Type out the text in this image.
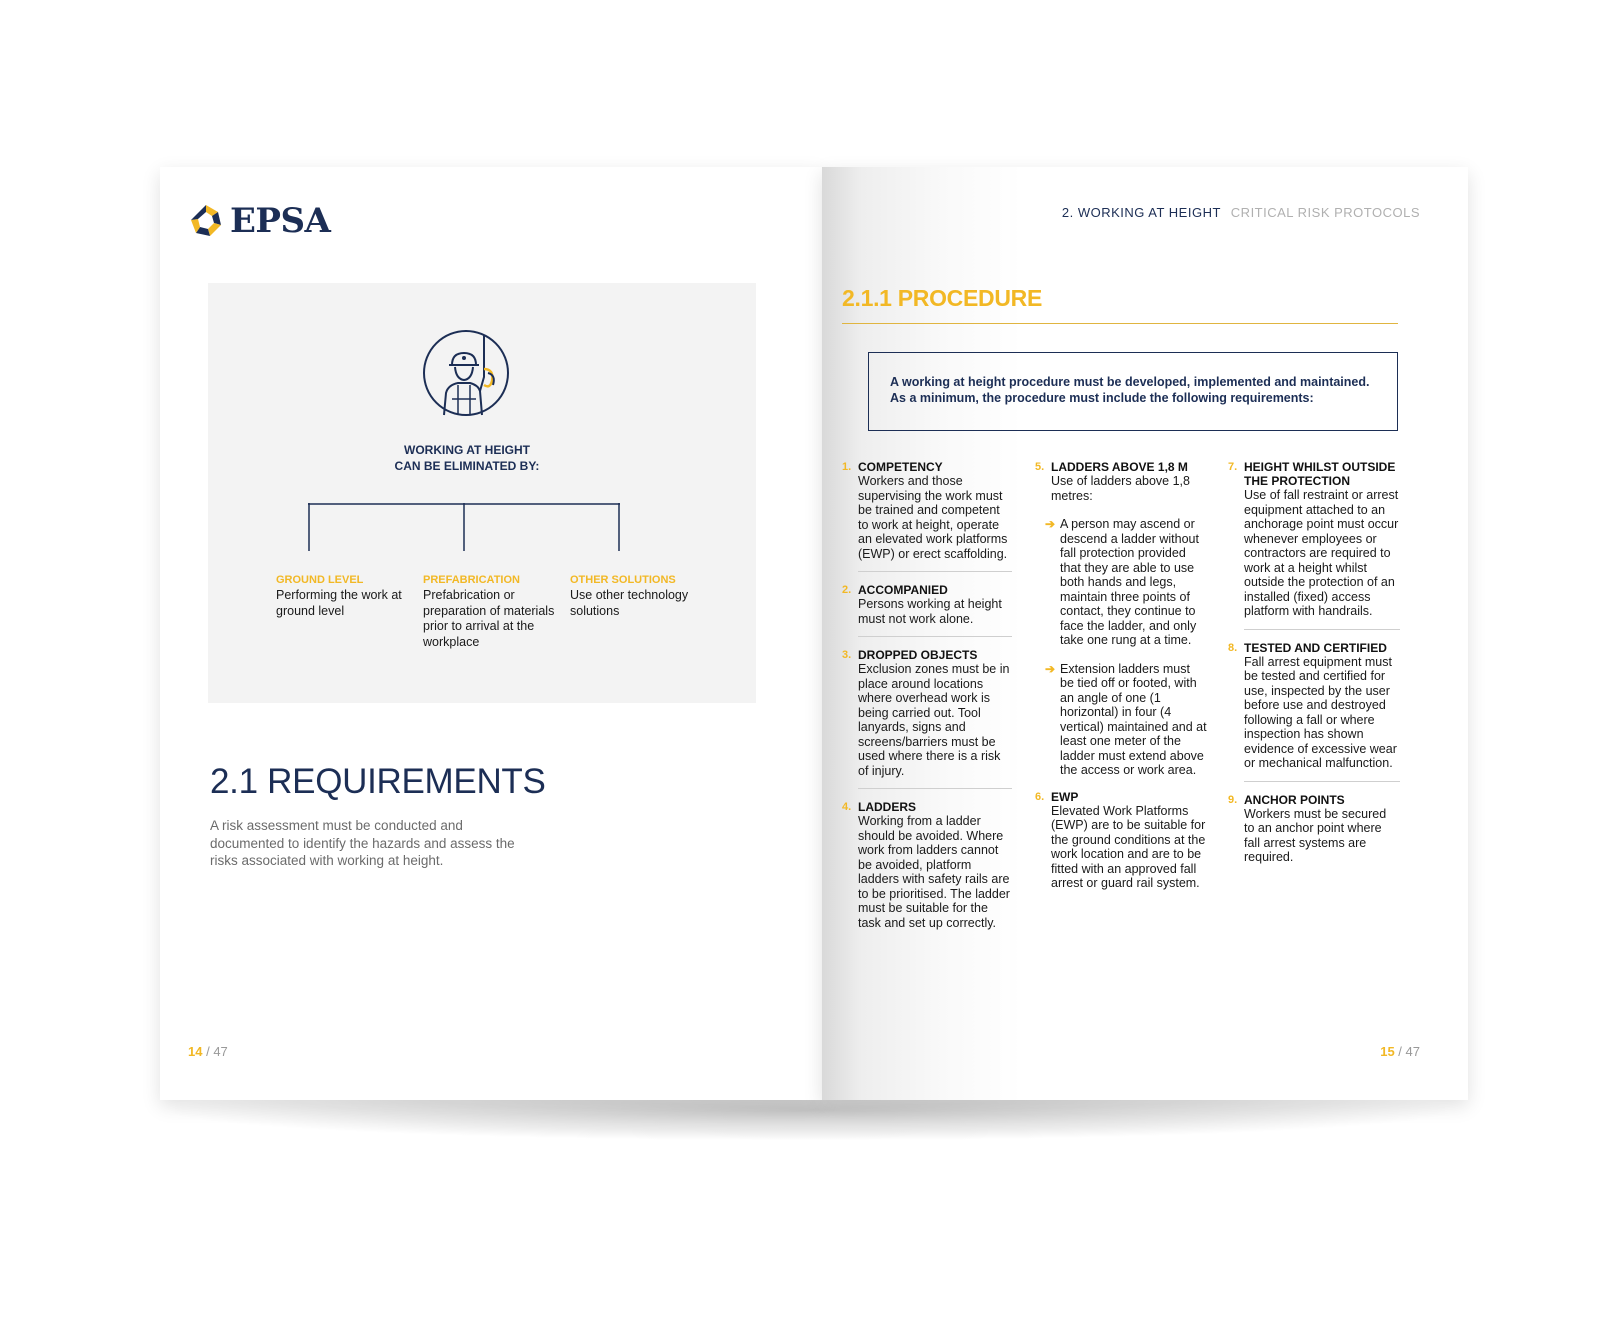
EPSA
WORKING AT HEIGHT
CAN BE ELIMINATED BY:
GROUND LEVEL
Performing the work at ground level
PREFABRICATION
Prefabrication or preparation of materials prior to arrival at the workplace
OTHER SOLUTIONS
Use other technology solutions
2.1 REQUIREMENTS
A risk assessment must be conducted and documented to identify the hazards and assess the risks associated with working at height.
14 / 47
2. WORKING AT HEIGHT CRITICAL RISK PROTOCOLS
2.1.1 PROCEDURE
A working at height procedure must be developed, implemented and maintained. As a minimum, the procedure must include the following requirements:
1. COMPETENCY
Workers and those supervising the work must be trained and competent to work at height, operate an elevated work platforms (EWP) or erect scaffolding.
2. ACCOMPANIED
Persons working at height must not work alone.
3. DROPPED OBJECTS
Exclusion zones must be in place around locations where overhead work is being carried out. Tool lanyards, signs and screens/barriers must be used where there is a risk of injury.
4. LADDERS
Working from a ladder should be avoided. Where work from ladders cannot be avoided, platform ladders with safety rails are to be prioritised. The ladder must be suitable for the task and set up correctly.
5. LADDERS ABOVE 1,8 M
Use of ladders above 1,8 metres:
➔ A person may ascend or descend a ladder without fall protection provided that they are able to use both hands and legs, maintain three points of contact, they continue to face the ladder, and only take one rung at a time.
➔ Extension ladders must be tied off or footed, with an angle of one (1 horizontal) in four (4 vertical) maintained and at least one meter of the ladder must extend above the access or work area.
6. EWP
Elevated Work Platforms (EWP) are to be suitable for the ground conditions at the work location and are to be fitted with an approved fall arrest or guard rail system.
7. HEIGHT WHILST OUTSIDE THE PROTECTION
Use of fall restraint or arrest equipment attached to an anchorage point must occur whenever employees or contractors are required to work at a height whilst outside the protection of an installed (fixed) access platform with handrails.
8. TESTED AND CERTIFIED
Fall arrest equipment must be tested and certified for use, inspected by the user before use and destroyed following a fall or where inspection has shown evidence of excessive wear or mechanical malfunction.
9. ANCHOR POINTS
Workers must be secured to an anchor point where fall arrest systems are required.
15 / 47
